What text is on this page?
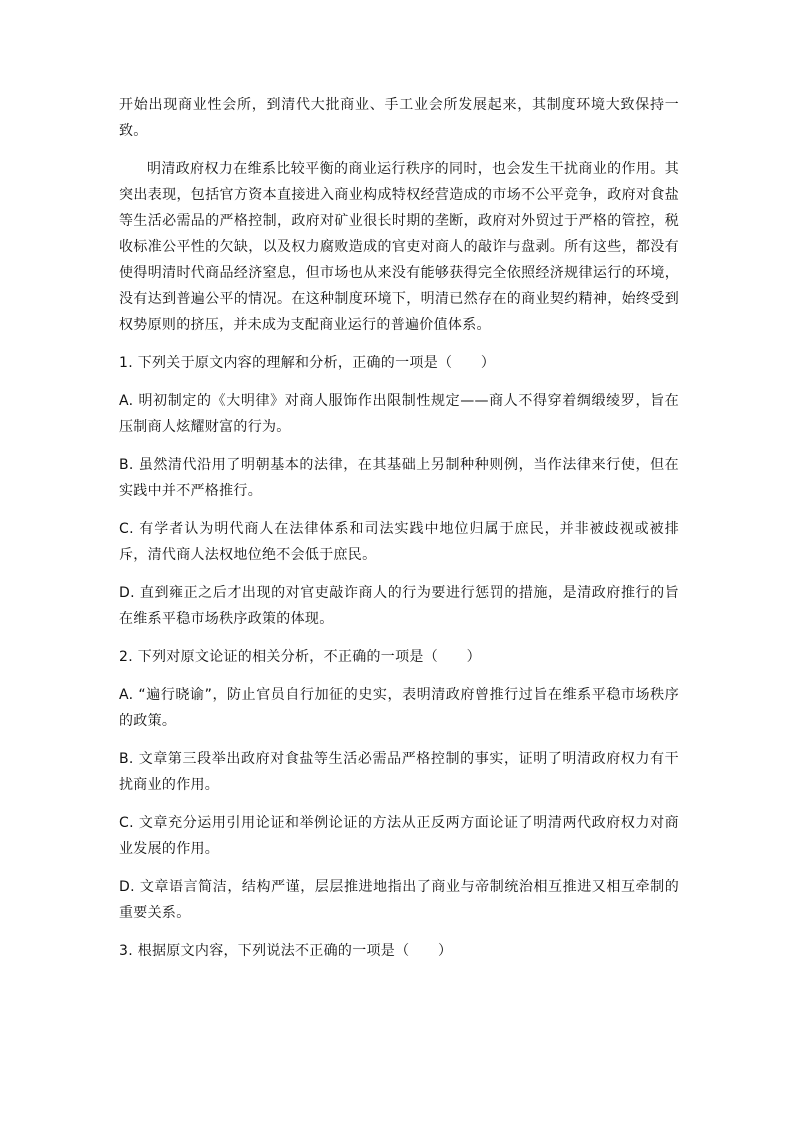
开始出现商业性会所，到清代大批商业、手工业会所发展起来，其制度环境大致保持一致。

明清政府权力在维系比较平衡的商业运行秩序的同时，也会发生干扰商业的作用。其突出表现，包括官方资本直接进入商业构成特权经营造成的市场不公平竞争，政府对食盐等生活必需品的严格控制，政府对矿业很长时期的垄断，政府对外贸过于严格的管控，税收标准公平性的欠缺，以及权力腐败造成的官吏对商人的敲诈与盘剥。所有这些，都没有使得明清时代商品经济窒息，但市场也从来没有能够获得完全依照经济规律运行的环境，没有达到普遍公平的情况。在这种制度环境下，明清已然存在的商业契约精神，始终受到权势原则的挤压，并未成为支配商业运行的普遍价值体系。

1. 下列关于原文内容的理解和分析，正确的一项是（　　）
A. 明初制定的《大明律》对商人服饰作出限制性规定——商人不得穿着绸缎绫罗，旨在压制商人炫耀财富的行为。
B. 虽然清代沿用了明朝基本的法律，在其基础上另制种种则例，当作法律来行使，但在实践中并不严格推行。
C. 有学者认为明代商人在法律体系和司法实践中地位归属于庶民，并非被歧视或被排斥，清代商人法权地位绝不会低于庶民。
D. 直到雍正之后才出现的对官吏敲诈商人的行为要进行惩罚的措施，是清政府推行的旨在维系平稳市场秩序政策的体现。
2. 下列对原文论证的相关分析，不正确的一项是（　　）
A. “遍行晓谕”，防止官员自行加征的史实，表明清政府曾推行过旨在维系平稳市场秩序的政策。
B. 文章第三段举出政府对食盐等生活必需品严格控制的事实，证明了明清政府权力有干扰商业的作用。
C. 文章充分运用引用论证和举例论证的方法从正反两方面论证了明清两代政府权力对商业发展的作用。
D. 文章语言简洁，结构严谨，层层推进地指出了商业与帝制统治相互推进又相互牵制的重要关系。
3. 根据原文内容，下列说法不正确的一项是（　　）
